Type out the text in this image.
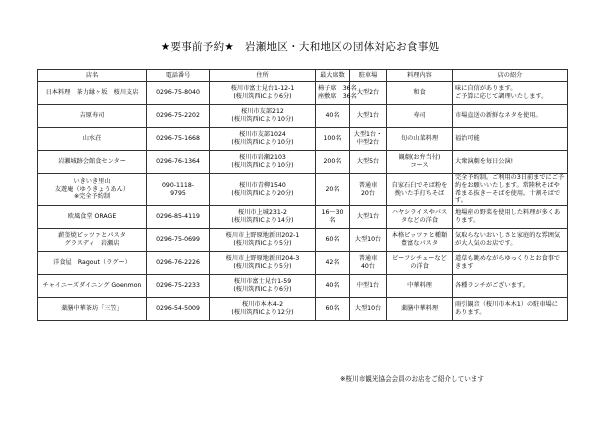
★要事前予約★　岩瀬地区・大和地区の団体対応お食事処
店名	電話番号	住所	最大席数	駐車場	料理内容	店の紹介

日本料理　茶力縁ヶ坂　桜川支店	0296-75-8040	桜川市富士見台1-12-1
(桜川筑西ICより6分)	椅子席　36名
座敷席　36名	大型2台	和食	味に自信があります。
ご予算に応じて調理いたします。

吉原寿司	0296-75-2202	桜川市友部212
(桜川筑西ICより10分)	40名	大型1台	寿司	市場直送の新鮮なネタを使用。

山水荘	0296-75-1668	桜川市友部1024
(桜川筑西ICより10分)	100名	大型1台・
中型2台	旬の山菜料理	福治可能

岩瀬城跡会館食センター	0296-76-1364	桜川市岩瀬2103
(桜川筑西ICより10分)	200名	大型5台	観劇(お弁当付)
コース	大衆演劇を毎日公演!

いきいき里山
友遊庵（ゆうきょうあん）
※完全予約制	090-1118-
9795	桜川市青柳1540
(桜川筑西ICより20分)	20名	普通車
20台	自家石臼でそば粉を
挽いた手打ちそば	完全予約制。ご利用の3日前までにご予
約をお願いいたします。常陸秋そばや
希まる抜き〜そばを使用。十割そばで
す。

欧風食堂 ORAGE	0296-85-4119	桜川市上城231-2
(桜川筑西ICより14分)	16〜30
名	大型1台	ハヤシライスやパス
タなどの洋食	地場産の野菜を使用した料理が多くあ
ります。

薪釜焼ピッツァとパスタ
グラスディ　岩瀬店	0296-75-0699	桜川市上野原地新田202-1
(桜川筑西ICより5分)	60名	大型10台	本格ピッツァと種類
豊富なパスタ	気取らないおいしさと家庭的な雰囲気
が大人気のお店です。

洋食屋　Ragout（ラグー）	0296-76-2226	桜川市上野原地新田204-3
(桜川筑西ICより5分)	42名	普通車
40台	ビーフシチューなど
の洋食	道草も眺めながらゆっくりとお食事で
きます

チャイニーズダイニング Goenmon	0296-75-2233	桜川市富士見台1-59
(桜川筑西ICより6分)	40名	中型1台	中華料理	各種ランチがございます。

薬膳中華茶坊「三笠」	0296-54-5009	桜川市本木4-2
(桜川筑西ICより12分)	60名	大型10台	薬膳中華料理	雨引観音（桜川市本木1）の駐車場に
あります。
※桜川市観光協会会員のお店をご紹介しています
